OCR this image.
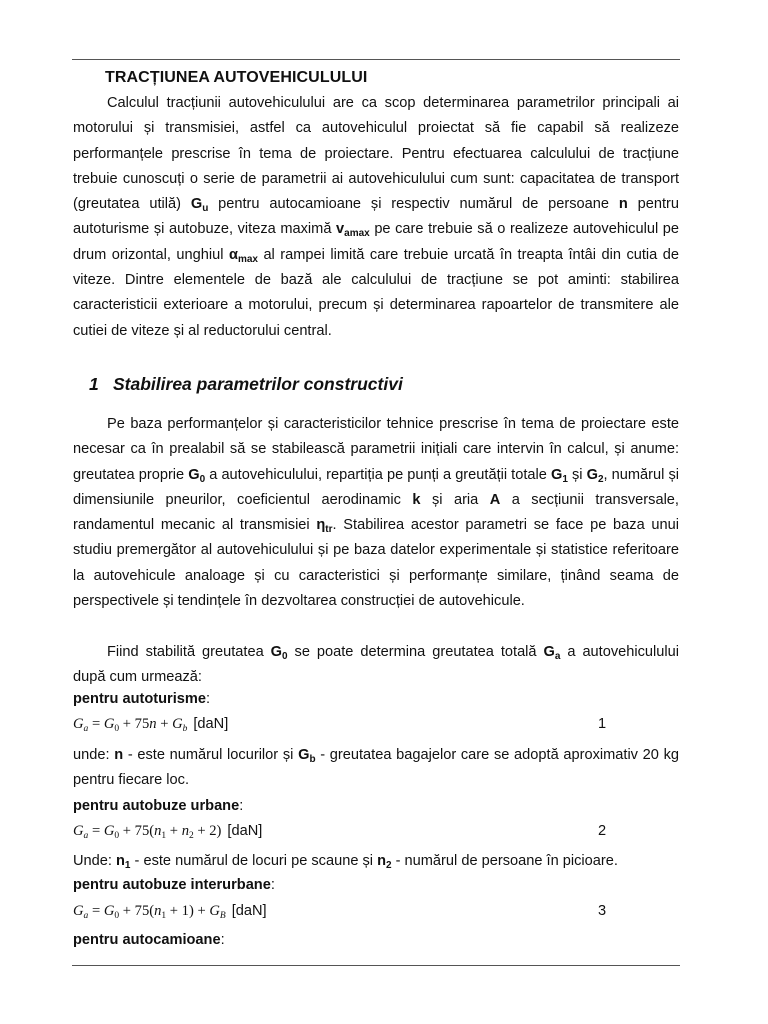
TRACȚIUNEA AUTOVEHICULULUI

Calculul tracțiunii autovehiculului are ca scop determinarea parametrilor principali ai motorului și transmisiei, astfel ca autovehiculul proiectat să fie capabil să realizeze performanțele prescrise în tema de proiectare. Pentru efectuarea calculului de tracțiune trebuie cunoscuți o serie de parametrii ai autovehiculului cum sunt: capacitatea de transport (greutatea utilă) $G_u$ pentru autocamioane și respectiv numărul de persoane n pentru autoturisme și autobuze, viteza maximă $v_{amax}$ pe care trebuie să o realizeze autovehiculul pe drum orizontal, unghiul $\alpha_{max}$ al rampei limită care trebuie urcată în treapta întâi din cutia de viteze. Dintre elementele de bază ale calculului de tracțiune se pot aminti: stabilirea caracteristicii exterioare a motorului, precum și determinarea rapoartelor de transmitere ale cutiei de viteze și al reductorului central.

1 Stabilirea parametrilor constructivi

Pe baza performanțelor și caracteristicilor tehnice prescrise în tema de proiectare este necesar ca în prealabil să se stabilească parametrii inițiali care intervin în calcul, și anume: greutatea proprie $G_0$ a autovehiculului, repartiția pe punți a greutății totale $G_1$ și $G_2$, numărul și dimensiunile pneurilor, coeficientul aerodinamic k și aria A a secțiunii transversale, randamentul mecanic al transmisiei $\eta_{tr}$. Stabilirea acestor parametri se face pe baza unui studiu premergător al autovehiculului și pe baza datelor experimentale și statistice referitoare la autovehicule analoage și cu caracteristici și performanțe similare, ținând seama de perspectivele și tendințele în dezvoltarea construcției de autovehicule.

Fiind stabilită greutatea $G_0$ se poate determina greutatea totală $G_a$ a autovehiculului după cum urmează:

pentru autoturisme:

$G_a = G_0 + 75n + G_b$ [daN]	1

unde: n - este numărul locurilor și $G_b$ - greutatea bagajelor care se adoptă aproximativ 20 kg pentru fiecare loc.

pentru autobuze urbane:

$G_a = G_0 + 75(n_1 + n_2 + 2)$ [daN]	2

Unde: $n_1$ - este numărul de locuri pe scaune și $n_2$ - numărul de persoane în picioare.

pentru autobuze interurbane:

$G_a = G_0 + 75(n_1 + 1) + G_B$ [daN]	3

pentru autocamioane:
